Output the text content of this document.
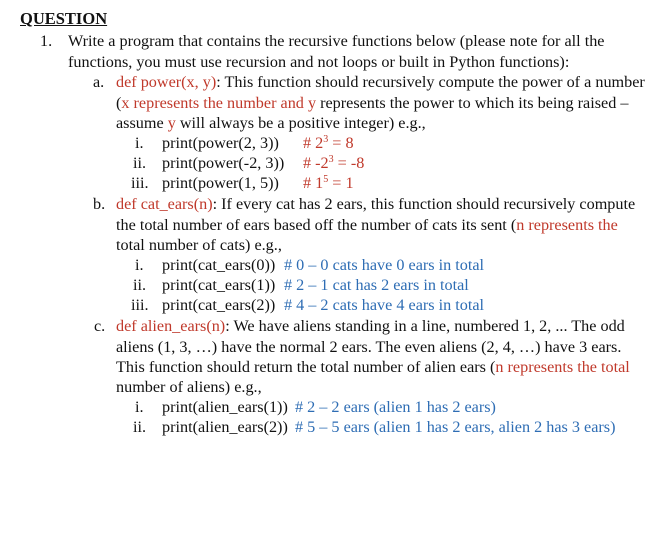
QUESTION
1. Write a program that contains the recursive functions below (please note for all the
functions, you must use recursion and not loops or built in Python functions):
a. def power(x, y): This function should recursively compute the power of a number
(x represents the number and y represents the power to which its being raised –
assume y will always be a positive integer) e.g.,
i. print(power(2, 3)) # $2^3 = 8$
ii. print(power(-2, 3)) # $-2^3 = -8$
iii. print(power(1, 5)) # $1^5 = 1$
b. def cat_ears(n): If every cat has 2 ears, this function should recursively compute
the total number of ears based off the number of cats its sent (n represents the
total number of cats) e.g.,
i. print(cat_ears(0)) # 0 – 0 cats have 0 ears in total
ii. print(cat_ears(1)) # 2 – 1 cat has 2 ears in total
iii. print(cat_ears(2)) # 4 – 2 cats have 4 ears in total
c. def alien_ears(n): We have aliens standing in a line, numbered 1, 2, ... The odd
aliens (1, 3, …) have the normal 2 ears. The even aliens (2, 4, …) have 3 ears.
This function should return the total number of alien ears (n represents the total
number of aliens) e.g.,
i. print(alien_ears(1)) # 2 – 2 ears (alien 1 has 2 ears)
ii. print(alien_ears(2)) # 5 – 5 ears (alien 1 has 2 ears, alien 2 has 3 ears)
